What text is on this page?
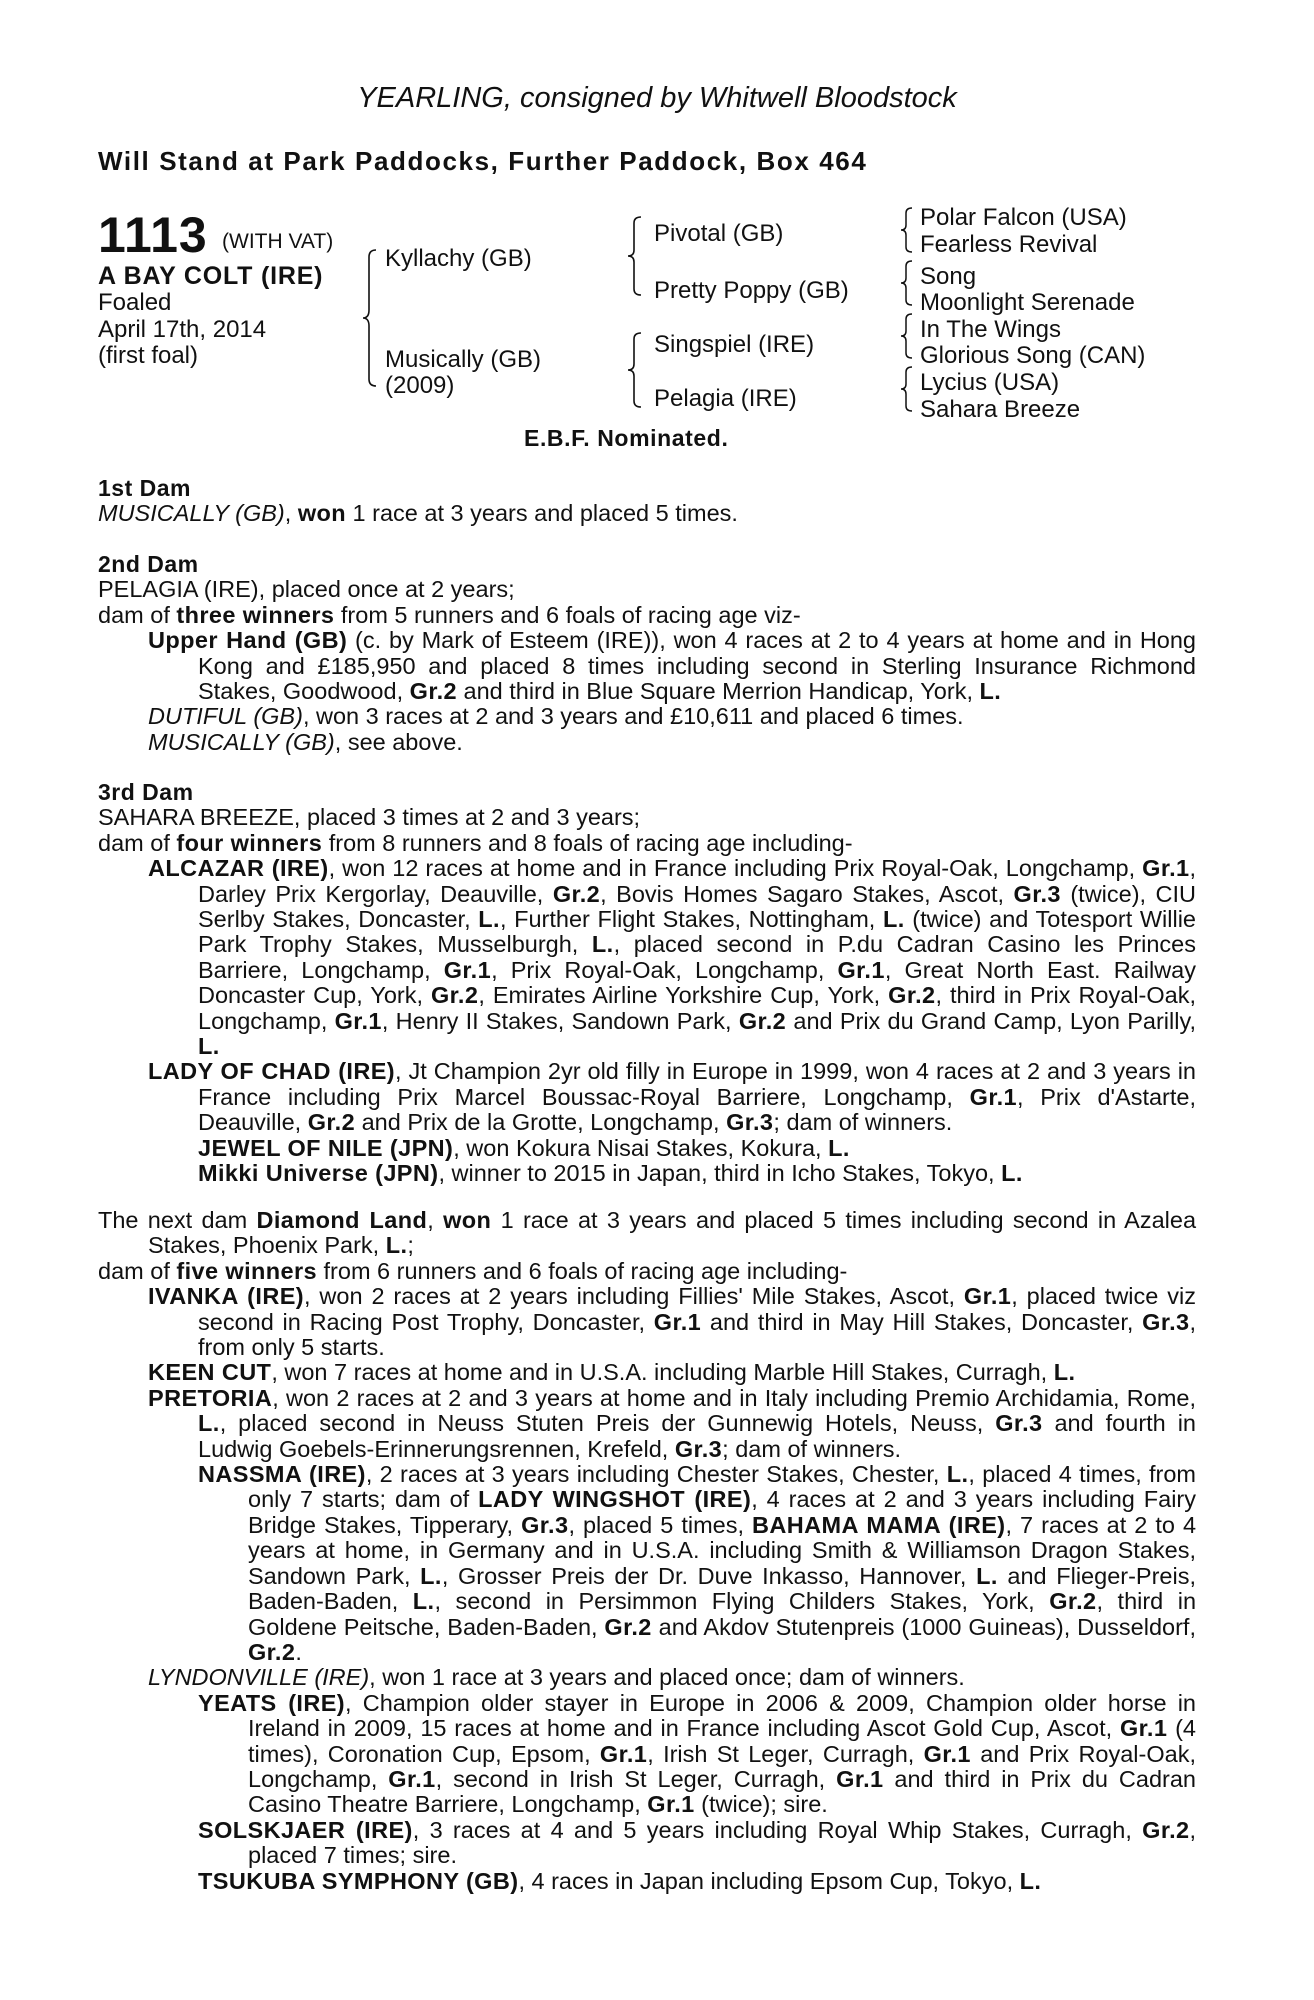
YEARLING, consigned by Whitwell Bloodstock
Will Stand at Park Paddocks, Further Paddock, Box 464
1113 (WITH VAT)
A BAY COLT (IRE)
Foaled
April 17th, 2014
(first foal)
Kyllachy (GB)
Musically (GB)
(2009)
Pivotal (GB)
Pretty Poppy (GB)
Singspiel (IRE)
Pelagia (IRE)
Polar Falcon (USA)
Fearless Revival
Song
Moonlight Serenade
In The Wings
Glorious Song (CAN)
Lycius (USA)
Sahara Breeze
E.B.F. Nominated.

1st Dam

MUSICALLY (GB), won 1 race at 3 years and placed 5 times.

2nd Dam

PELAGIA (IRE), placed once at 2 years;

dam of three winners from 5 runners and 6 foals of racing age viz-

Upper Hand (GB) (c. by Mark of Esteem (IRE)), won 4 races at 2 to 4 years at home and in Hong Kong and £185,950 and placed 8 times including second in Sterling Insurance Richmond Stakes, Goodwood, Gr.2 and third in Blue Square Merrion Handicap, York, L.

DUTIFUL (GB), won 3 races at 2 and 3 years and £10,611 and placed 6 times.

MUSICALLY (GB), see above.

3rd Dam

SAHARA BREEZE, placed 3 times at 2 and 3 years;

dam of four winners from 8 runners and 8 foals of racing age including-

ALCAZAR (IRE), won 12 races at home and in France including Prix Royal-Oak, Longchamp, Gr.1, Darley Prix Kergorlay, Deauville, Gr.2, Bovis Homes Sagaro Stakes, Ascot, Gr.3 (twice), CIU Serlby Stakes, Doncaster, L., Further Flight Stakes, Nottingham, L. (twice) and Totesport Willie Park Trophy Stakes, Musselburgh, L., placed second in P.du Cadran Casino les Princes Barriere, Longchamp, Gr.1, Prix Royal-Oak, Longchamp, Gr.1, Great North East. Railway Doncaster Cup, York, Gr.2, Emirates Airline Yorkshire Cup, York, Gr.2, third in Prix Royal-Oak, Longchamp, Gr.1, Henry II Stakes, Sandown Park, Gr.2 and Prix du Grand Camp, Lyon Parilly, L.

LADY OF CHAD (IRE), Jt Champion 2yr old filly in Europe in 1999, won 4 races at 2 and 3 years in France including Prix Marcel Boussac-Royal Barriere, Longchamp, Gr.1, Prix d'Astarte, Deauville, Gr.2 and Prix de la Grotte, Longchamp, Gr.3; dam of winners.

JEWEL OF NILE (JPN), won Kokura Nisai Stakes, Kokura, L.

Mikki Universe (JPN), winner to 2015 in Japan, third in Icho Stakes, Tokyo, L.

The next dam Diamond Land, won 1 race at 3 years and placed 5 times including second in Azalea Stakes, Phoenix Park, L.;

dam of five winners from 6 runners and 6 foals of racing age including-

IVANKA (IRE), won 2 races at 2 years including Fillies' Mile Stakes, Ascot, Gr.1, placed twice viz second in Racing Post Trophy, Doncaster, Gr.1 and third in May Hill Stakes, Doncaster, Gr.3, from only 5 starts.

KEEN CUT, won 7 races at home and in U.S.A. including Marble Hill Stakes, Curragh, L.

PRETORIA, won 2 races at 2 and 3 years at home and in Italy including Premio Archidamia, Rome, L., placed second in Neuss Stuten Preis der Gunnewig Hotels, Neuss, Gr.3 and fourth in Ludwig Goebels-Erinnerungsrennen, Krefeld, Gr.3; dam of winners.

NASSMA (IRE), 2 races at 3 years including Chester Stakes, Chester, L., placed 4 times, from only 7 starts; dam of LADY WINGSHOT (IRE), 4 races at 2 and 3 years including Fairy Bridge Stakes, Tipperary, Gr.3, placed 5 times, BAHAMA MAMA (IRE), 7 races at 2 to 4 years at home, in Germany and in U.S.A. including Smith & Williamson Dragon Stakes, Sandown Park, L., Grosser Preis der Dr. Duve Inkasso, Hannover, L. and Flieger-Preis, Baden-Baden, L., second in Persimmon Flying Childers Stakes, York, Gr.2, third in Goldene Peitsche, Baden-Baden, Gr.2 and Akdov Stutenpreis (1000 Guineas), Dusseldorf, Gr.2.

LYNDONVILLE (IRE), won 1 race at 3 years and placed once; dam of winners.

YEATS (IRE), Champion older stayer in Europe in 2006 & 2009, Champion older horse in Ireland in 2009, 15 races at home and in France including Ascot Gold Cup, Ascot, Gr.1 (4 times), Coronation Cup, Epsom, Gr.1, Irish St Leger, Curragh, Gr.1 and Prix Royal-Oak, Longchamp, Gr.1, second in Irish St Leger, Curragh, Gr.1 and third in Prix du Cadran Casino Theatre Barriere, Longchamp, Gr.1 (twice); sire.

SOLSKJAER (IRE), 3 races at 4 and 5 years including Royal Whip Stakes, Curragh, Gr.2, placed 7 times; sire.

TSUKUBA SYMPHONY (GB), 4 races in Japan including Epsom Cup, Tokyo, L.
